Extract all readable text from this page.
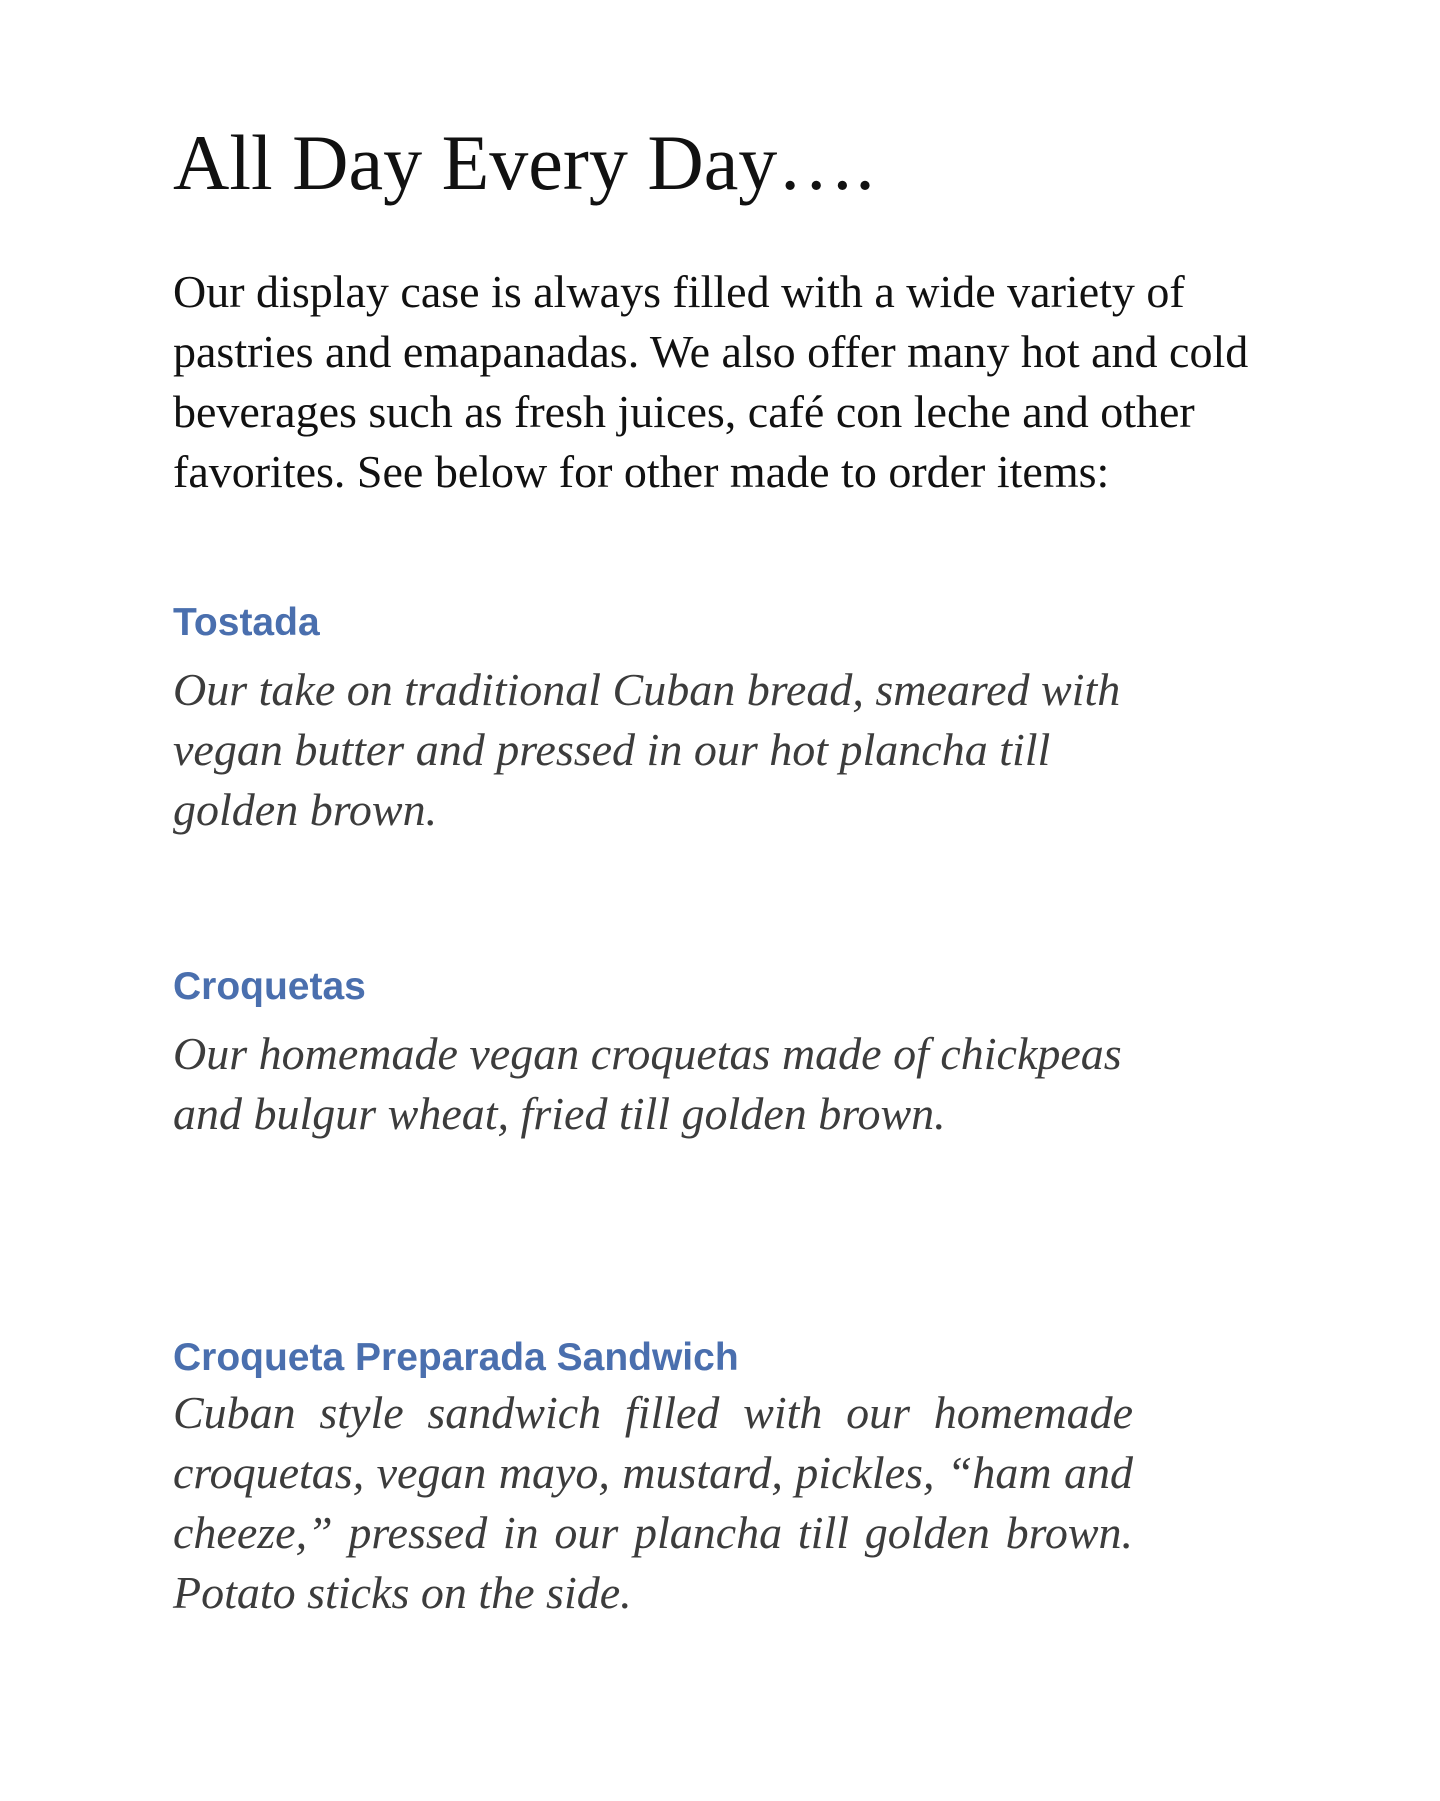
All Day Every Day….

Our display case is always filled with a wide variety of pastries and emapanadas. We also offer many hot and cold beverages such as fresh juices, café con leche and other favorites. See below for other made to order items:

Tostada

Our take on traditional Cuban bread, smeared with vegan butter and pressed in our hot plancha till golden brown.

Croquetas

Our homemade vegan croquetas made of chickpeas and bulgur wheat, fried till golden brown.

Croqueta Preparada Sandwich

Cuban style sandwich filled with our homemade croquetas, vegan mayo, mustard, pickles, “ham and cheeze,” pressed in our plancha till golden brown. Potato sticks on the side.
